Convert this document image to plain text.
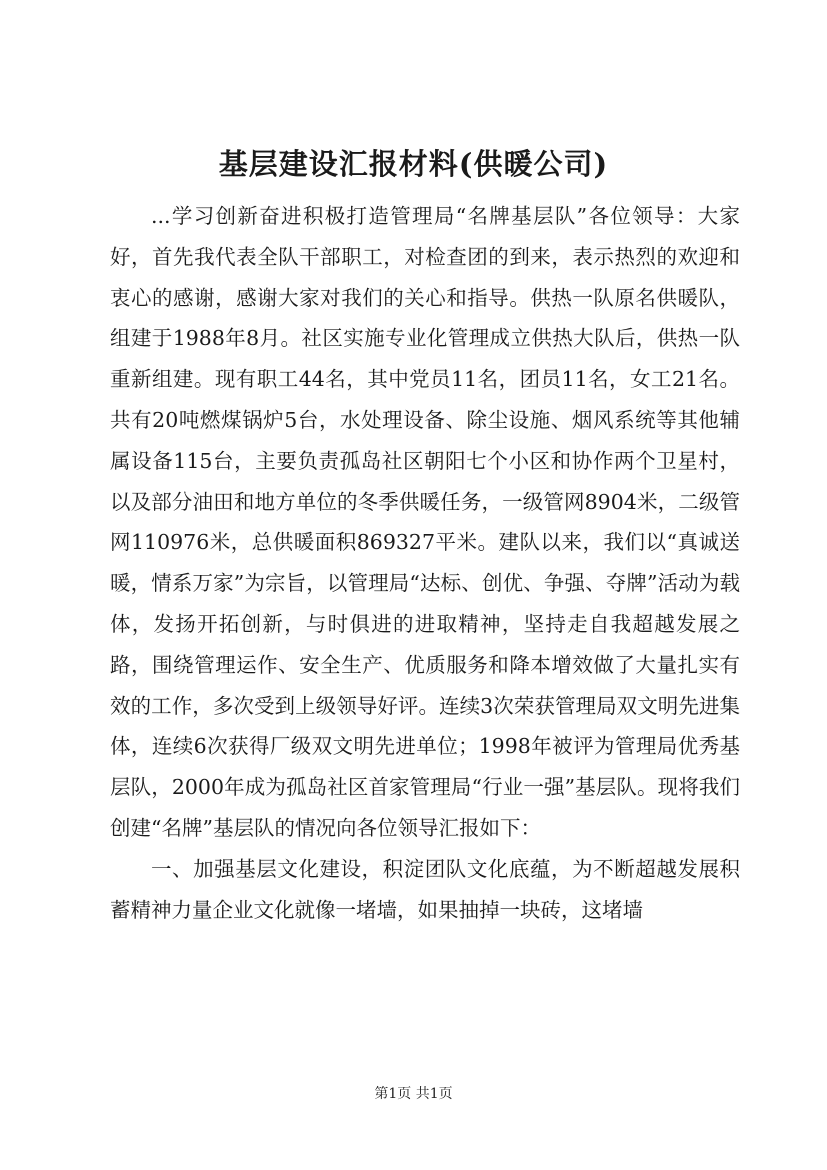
基层建设汇报材料(供暖公司)

...学习创新奋进积极打造管理局“名牌基层队”各位领导：大家好，首先我代表全队干部职工，对检查团的到来，表示热烈的欢迎和衷心的感谢，感谢大家对我们的关心和指导。供热一队原名供暖队，组建于1988年8月。社区实施专业化管理成立供热大队后，供热一队重新组建。现有职工44名，其中党员11名，团员11名，女工21名。共有20吨燃煤锅炉5台，水处理设备、除尘设施、烟风系统等其他辅属设备115台，主要负责孤岛社区朝阳七个小区和协作两个卫星村，以及部分油田和地方单位的冬季供暖任务，一级管网8904米，二级管网110976米，总供暖面积869327平米。建队以来，我们以“真诚送暖，情系万家”为宗旨，以管理局“达标、创优、争强、夺牌”活动为载体，发扬开拓创新，与时俱进的进取精神，坚持走自我超越发展之路，围绕管理运作、安全生产、优质服务和降本增效做了大量扎实有效的工作，多次受到上级领导好评。连续3次荣获管理局双文明先进集体，连续6次获得厂级双文明先进单位；1998年被评为管理局优秀基层队，2000年成为孤岛社区首家管理局“行业一强”基层队。现将我们创建“名牌”基层队的情况向各位领导汇报如下：

一、加强基层文化建设，积淀团队文化底蕴，为不断超越发展积蓄精神力量企业文化就像一堵墙，如果抽掉一块砖，这堵墙

第1页 共1页
